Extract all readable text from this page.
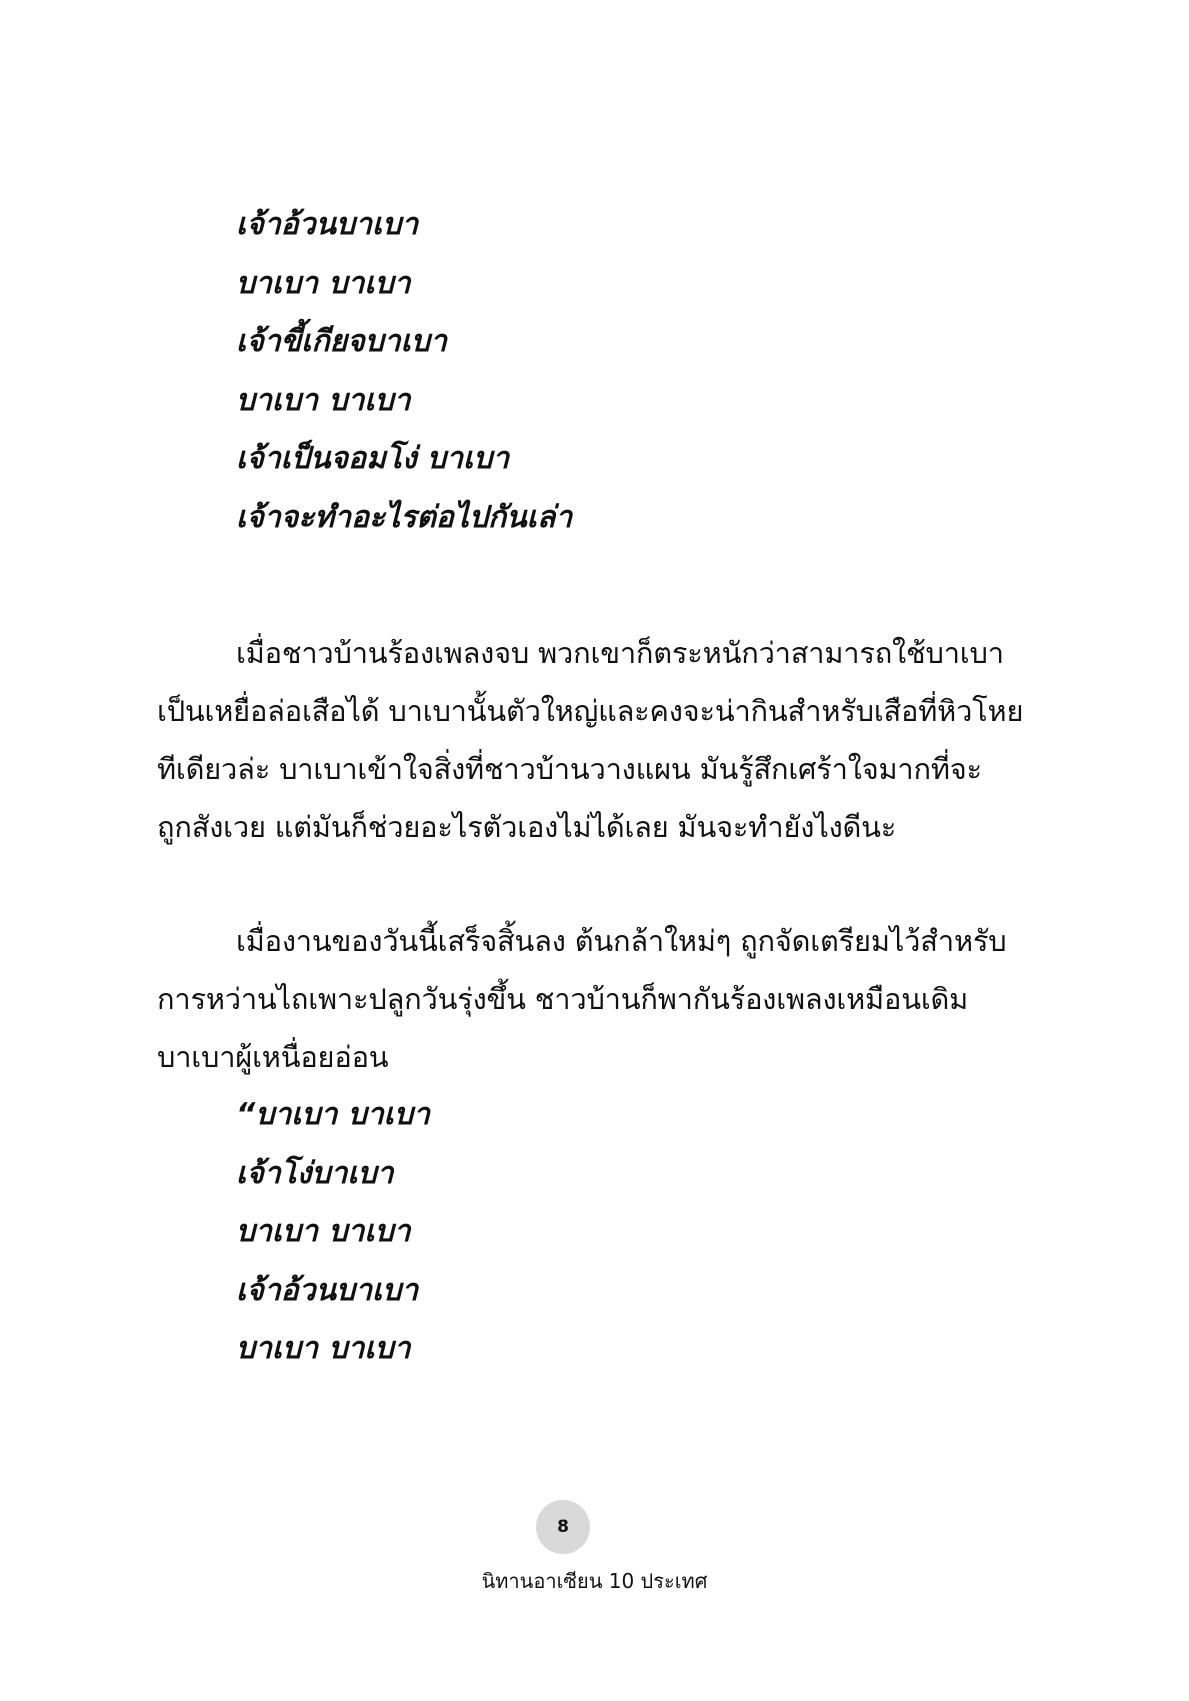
เจ้าอ้วนบาเบา
บาเบา บาเบา
เจ้าขี้เกียจบาเบา
บาเบา บาเบา
เจ้าเป็นจอมโง่ บาเบา
เจ้าจะทำอะไรต่อไปกันเล่า
เมื่อชาวบ้านร้องเพลงจบ พวกเขาก็ตระหนักว่าสามารถใช้บาเบา
เป็นเหยื่อล่อเสือได้ บาเบานั้นตัวใหญ่และคงจะน่ากินสำหรับเสือที่หิวโหย
ทีเดียวล่ะ บาเบาเข้าใจสิ่งที่ชาวบ้านวางแผน มันรู้สึกเศร้าใจมากที่จะ
ถูกสังเวย แต่มันก็ช่วยอะไรตัวเองไม่ได้เลย มันจะทำยังไงดีนะ
เมื่องานของวันนี้เสร็จสิ้นลง ต้นกล้าใหม่ๆ ถูกจัดเตรียมไว้สำหรับ
การหว่านไถเพาะปลูกวันรุ่งขึ้น ชาวบ้านก็พากันร้องเพลงเหมือนเดิม
บาเบาผู้เหนื่อยอ่อน
“บาเบา บาเบา
เจ้าโง่บาเบา
บาเบา บาเบา
เจ้าอ้วนบาเบา
บาเบา บาเบา
8
นิทานอาเซียน 10 ประเทศ
